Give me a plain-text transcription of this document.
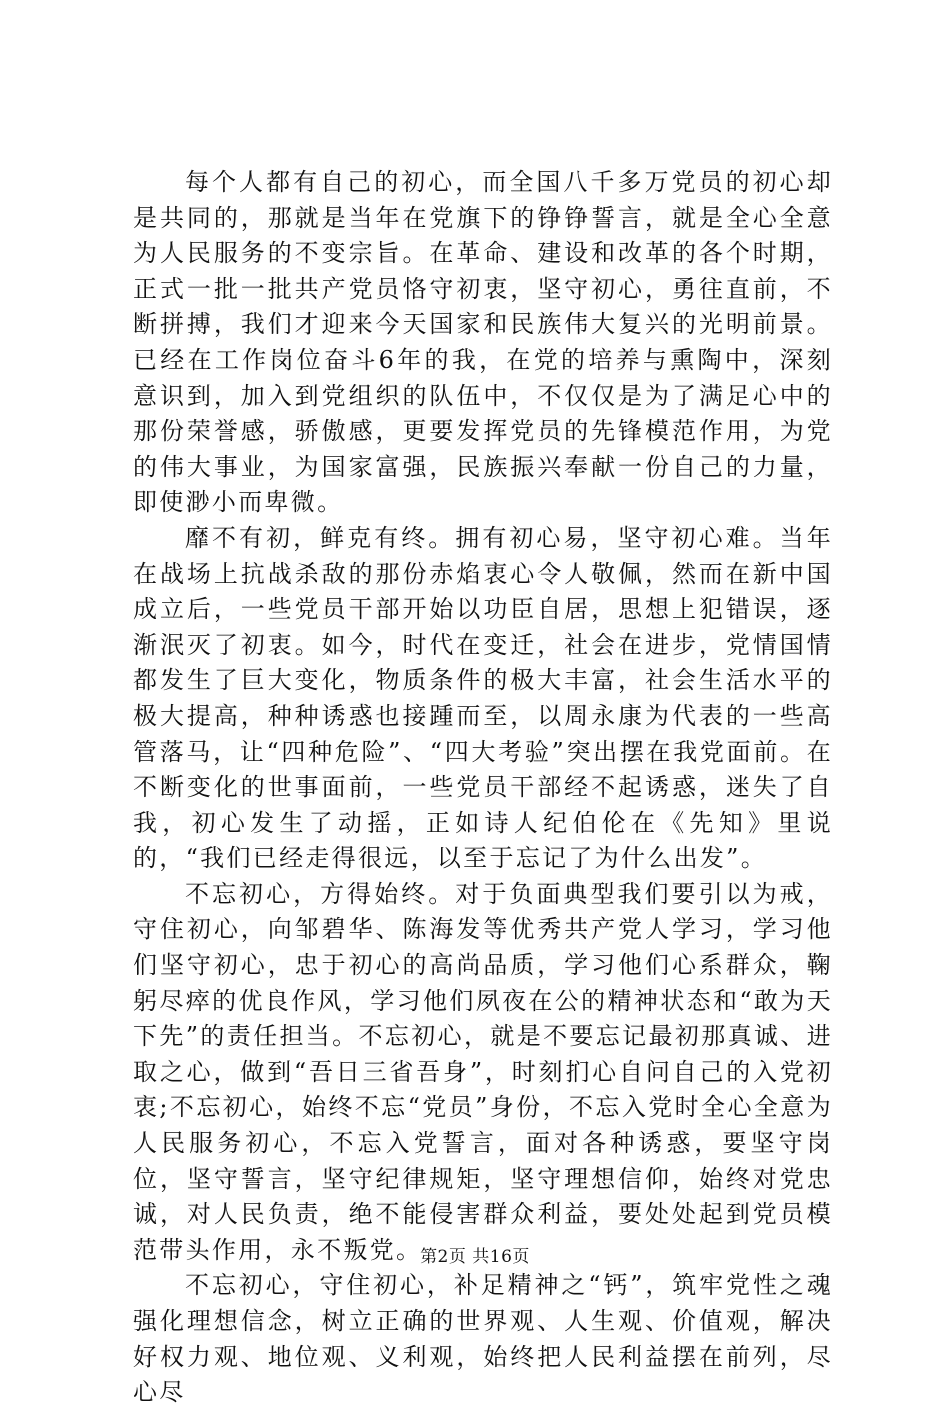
每个人都有自己的初心，而全国八千多万党员的初心却是共同的，那就是当年在党旗下的铮铮誓言，就是全心全意为人民服务的不变宗旨。在革命、建设和改革的各个时期，正式一批一批共产党员恪守初衷，坚守初心，勇往直前，不断拼搏，我们才迎来今天国家和民族伟大复兴的光明前景。已经在工作岗位奋斗6年的我，在党的培养与熏陶中，深刻意识到，加入到党组织的队伍中，不仅仅是为了满足心中的那份荣誉感，骄傲感，更要发挥党员的先锋模范作用，为党的伟大事业，为国家富强，民族振兴奉献一份自己的力量，即使渺小而卑微。

靡不有初，鲜克有终。拥有初心易，坚守初心难。当年在战场上抗战杀敌的那份赤焰衷心令人敬佩，然而在新中国成立后，一些党员干部开始以功臣自居，思想上犯错误，逐渐泯灭了初衷。如今，时代在变迁，社会在进步，党情国情都发生了巨大变化，物质条件的极大丰富，社会生活水平的极大提高，种种诱惑也接踵而至，以周永康为代表的一些高管落马，让“四种危险”、“四大考验”突出摆在我党面前。在不断变化的世事面前，一些党员干部经不起诱惑，迷失了自我，初心发生了动摇，正如诗人纪伯伦在《先知》里说的，“我们已经走得很远，以至于忘记了为什么出发”。

不忘初心，方得始终。对于负面典型我们要引以为戒，守住初心，向邹碧华、陈海发等优秀共产党人学习，学习他们坚守初心，忠于初心的高尚品质，学习他们心系群众，鞠躬尽瘁的优良作风，学习他们夙夜在公的精神状态和“敢为天下先”的责任担当。不忘初心，就是不要忘记最初那真诚、进取之心，做到“吾日三省吾身”，时刻扪心自问自己的入党初衷;不忘初心，始终不忘“党员”身份，不忘入党时全心全意为人民服务初心，不忘入党誓言，面对各种诱惑，要坚守岗位，坚守誓言，坚守纪律规矩，坚守理想信仰，始终对党忠诚，对人民负责，绝不能侵害群众利益，要处处起到党员模范带头作用，永不叛党。

不忘初心，守住初心，补足精神之“钙”，筑牢党性之魂强化理想信念，树立正确的世界观、人生观、价值观，解决好权力观、地位观、义利观，始终把人民利益摆在前列，尽心尽

第2页 共16页
